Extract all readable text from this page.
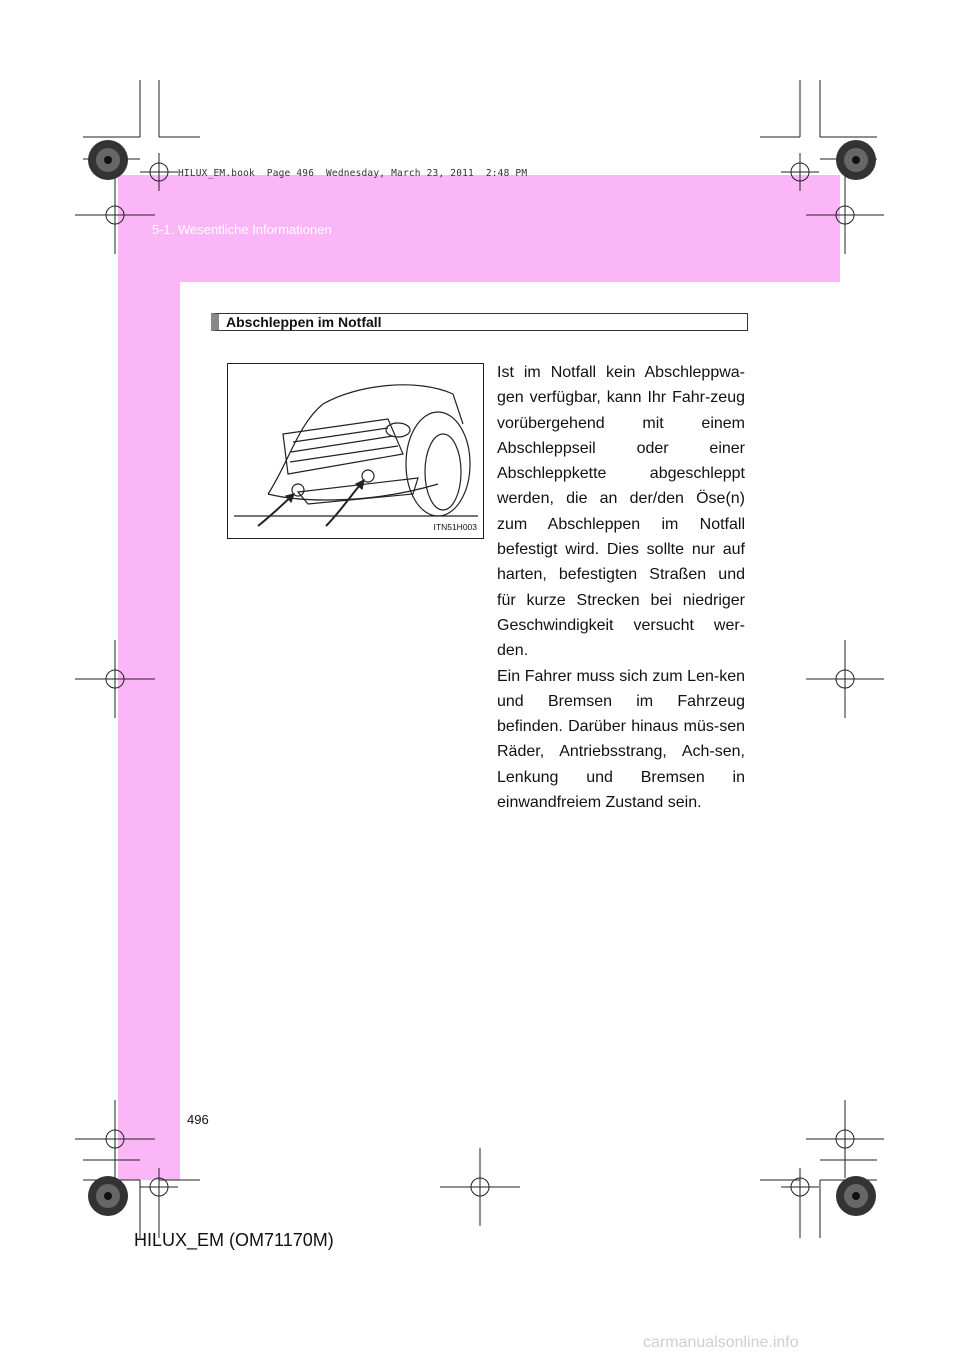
HILUX_EM.book  Page 496  Wednesday, March 23, 2011  2:48 PM
5-1. Wesentliche Informationen
Abschleppen im Notfall
ITN51H003

Ist im Notfall kein Abschleppwa-gen verfügbar, kann Ihr Fahr-zeug vorübergehend mit einem Abschleppseil oder einer Abschleppkette abgeschleppt werden, die an der/den Öse(n) zum Abschleppen im Notfall befestigt wird. Dies sollte nur auf harten, befestigten Straßen und für kurze Strecken bei niedriger Geschwindigkeit versucht wer-den.

Ein Fahrer muss sich zum Len-ken und Bremsen im Fahrzeug befinden. Darüber hinaus müs-sen Räder, Antriebsstrang, Ach-sen, Lenkung und Bremsen in einwandfreiem Zustand sein.

496
HILUX_EM (OM71170M)
carmanualsonline.info
